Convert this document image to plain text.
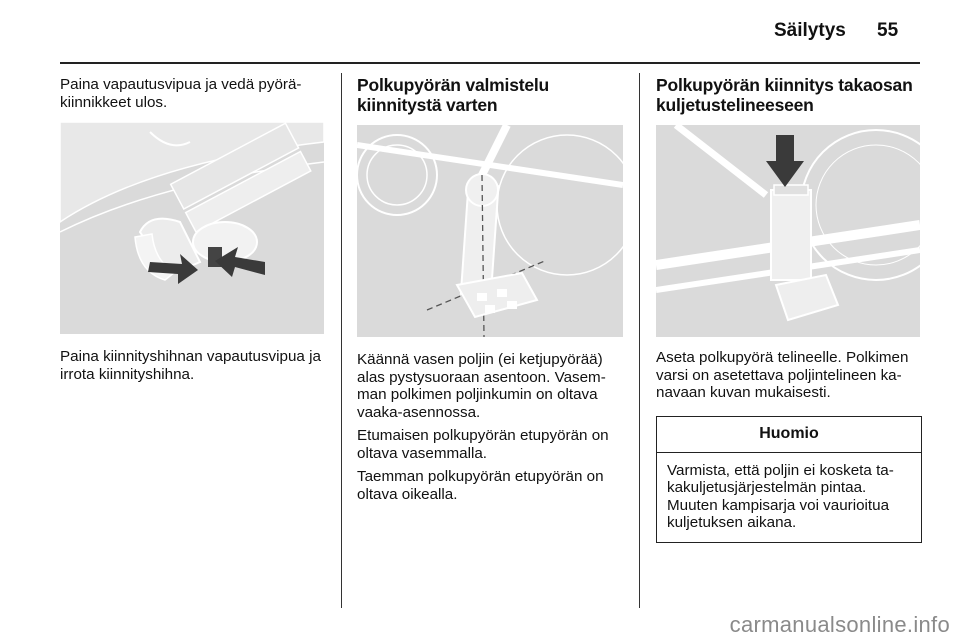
Säilytys 55

Paina vapautusvipua ja vedä pyörä-kiinnikkeet ulos.

Paina kiinnityshihnan vapautusvipua ja irrota kiinnityshihna.

Polkupyörän valmistelu kiinnitystä varten

Käännä vasen poljin (ei ketjupyörää) alas pystysuoraan asentoon. Vasem-man polkimen poljinkumin on oltava vaaka-asennossa.

Etumaisen polkupyörän etupyörän on oltava vasemmalla.

Taemman polkupyörän etupyörän on oltava oikealla.

Polkupyörän kiinnitys takaosan kuljetustelineeseen

Aseta polkupyörä telineelle. Polkimen varsi on asetettava poljintelineen ka-navaan kuvan mukaisesti.

Huomio
Varmista, että poljin ei kosketa ta-kakuljetusjärjestelmän pintaa. Muuten kampisarja voi vaurioitua kuljetuksen aikana.
carmanualsonline.info
